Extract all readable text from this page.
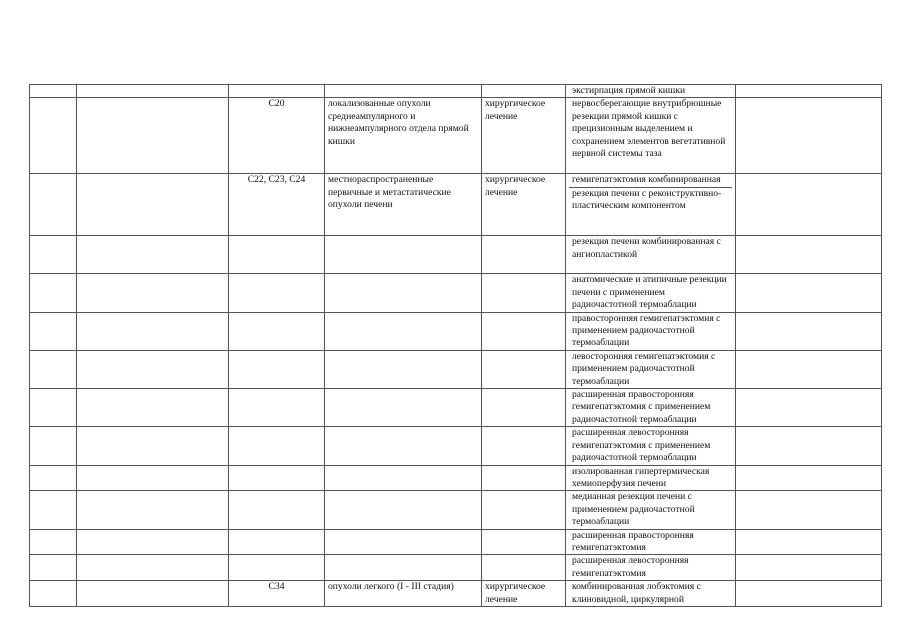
					экстирпация прямой кишки	

		C20	локализованные опухоли среднеампулярного и нижнеампулярного отдела прямой кишки	хирургическое лечение	нервосберегающие внутрибрюшные резекции прямой кишки с прецизионным выделением и сохранением элементов вегетативной нервной системы таза	

		C22, C23, C24	местнораспространенные первичные и метастатические опухоли печени	хирургическое лечение	гемигепатэктомия комбинированная
резекция печени с реконструктивно-пластическим компонентом	

					резекция печени комбинированная с ангиопластикой	

					анатомические и атипичные резекции печени с применением радиочастотной термоаблации	

					правосторонняя гемигепатэктомия с применением радиочастотной термоаблации	

					левосторонняя гемигепатэктомия с применением радиочастотной термоаблации	

					расширенная правосторонняя гемигепатэктомия с применением радиочастотной термоаблации	

					расширенная левосторонняя гемигепатэктомия с применением радиочастотной термоаблации	

					изолированная гипертермическая хемиоперфузия печени	

					медианная резекция печени с применением радиочастотной термоаблации	

					расширенная правосторонняя гемигепатэктомия	

					расширенная левосторонняя гемигепатэктомия	

		C34	опухоли легкого (I - III стадия)	хирургическое лечение	комбинированная лобэктомия с клиновидной, циркулярной	
